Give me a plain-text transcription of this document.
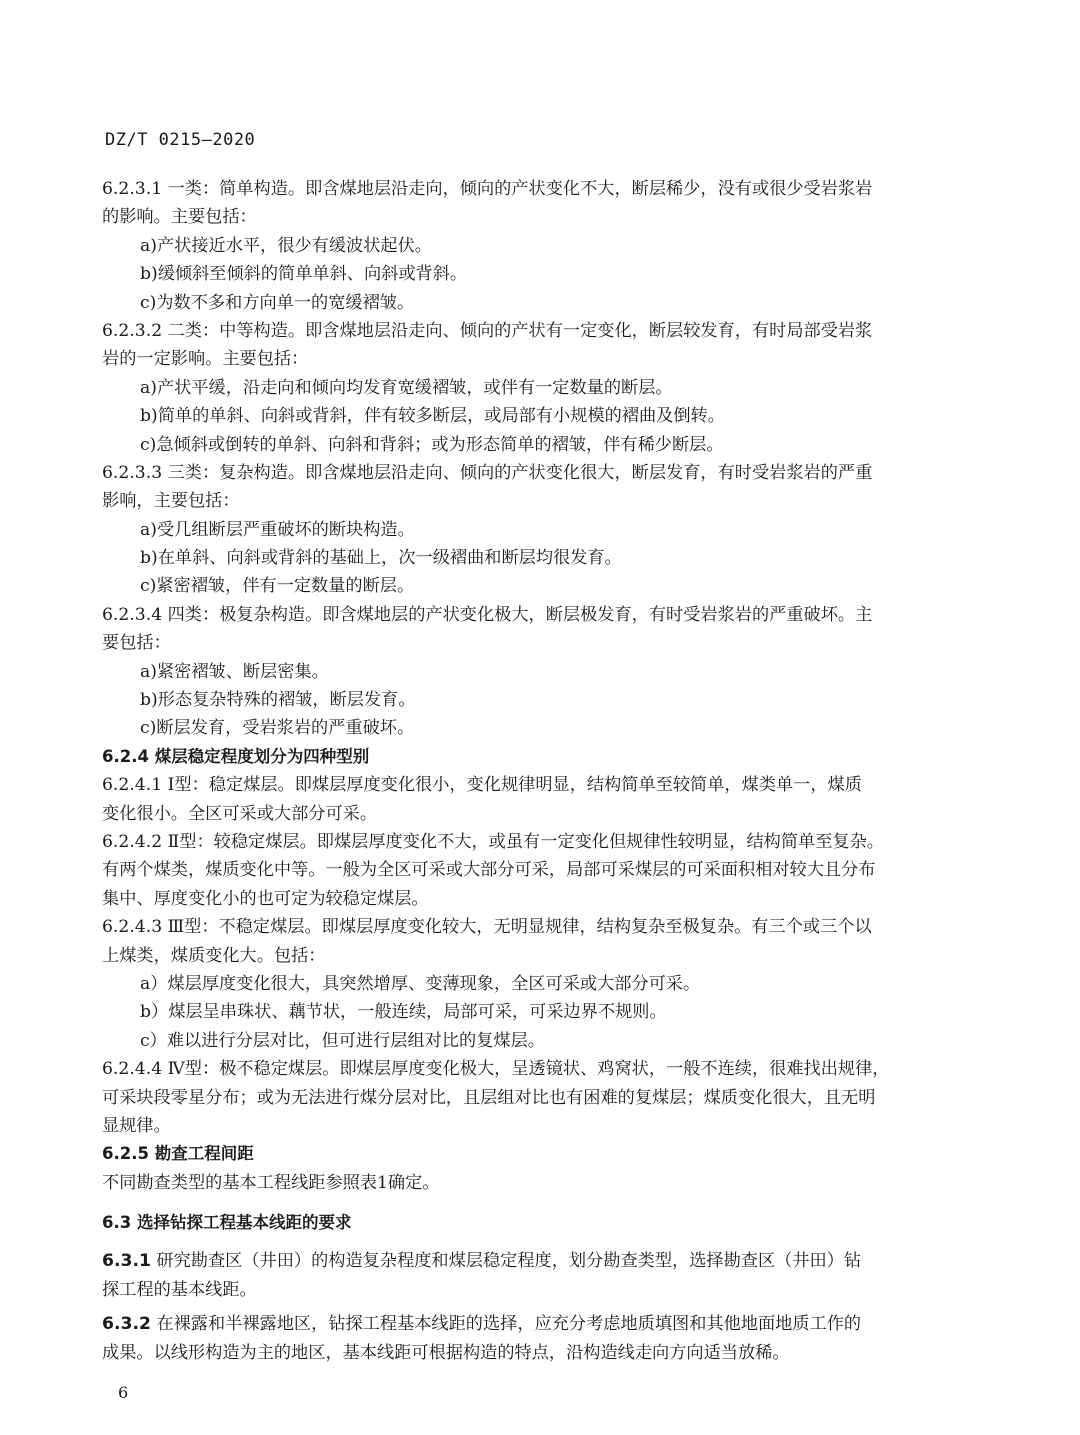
DZ/T 0215—2020
6.2.3.1 一类：简单构造。即含煤地层沿走向，倾向的产状变化不大，断层稀少，没有或很少受岩浆岩
的影响。主要包括：
a)产状接近水平，很少有缓波状起伏。
b)缓倾斜至倾斜的简单单斜、向斜或背斜。
c)为数不多和方向单一的宽缓褶皱。
6.2.3.2 二类：中等构造。即含煤地层沿走向、倾向的产状有一定变化，断层较发育，有时局部受岩浆
岩的一定影响。主要包括：
a)产状平缓，沿走向和倾向均发育宽缓褶皱，或伴有一定数量的断层。
b)简单的单斜、向斜或背斜，伴有较多断层，或局部有小规模的褶曲及倒转。
c)急倾斜或倒转的单斜、向斜和背斜；或为形态简单的褶皱，伴有稀少断层。
6.2.3.3 三类：复杂构造。即含煤地层沿走向、倾向的产状变化很大，断层发育，有时受岩浆岩的严重
影响，主要包括：
a)受几组断层严重破坏的断块构造。
b)在单斜、向斜或背斜的基础上，次一级褶曲和断层均很发育。
c)紧密褶皱，伴有一定数量的断层。
6.2.3.4 四类：极复杂构造。即含煤地层的产状变化极大，断层极发育，有时受岩浆岩的严重破坏。主
要包括：
a)紧密褶皱、断层密集。
b)形态复杂特殊的褶皱，断层发育。
c)断层发育，受岩浆岩的严重破坏。
6.2.4 煤层稳定程度划分为四种型别
6.2.4.1 Ⅰ型：稳定煤层。即煤层厚度变化很小，变化规律明显，结构简单至较简单，煤类单一，煤质
变化很小。全区可采或大部分可采。
6.2.4.2 Ⅱ型：较稳定煤层。即煤层厚度变化不大，或虽有一定变化但规律性较明显，结构简单至复杂。
有两个煤类，煤质变化中等。一般为全区可采或大部分可采，局部可采煤层的可采面积相对较大且分布
集中、厚度变化小的也可定为较稳定煤层。
6.2.4.3 Ⅲ型：不稳定煤层。即煤层厚度变化较大，无明显规律，结构复杂至极复杂。有三个或三个以
上煤类，煤质变化大。包括：
a）煤层厚度变化很大，具突然增厚、变薄现象，全区可采或大部分可采。
b）煤层呈串珠状、藕节状，一般连续，局部可采，可采边界不规则。
c）难以进行分层对比，但可进行层组对比的复煤层。
6.2.4.4 Ⅳ型：极不稳定煤层。即煤层厚度变化极大，呈透镜状、鸡窝状，一般不连续，很难找出规律，
可采块段零星分布；或为无法进行煤分层对比，且层组对比也有困难的复煤层；煤质变化很大，且无明
显规律。
6.2.5 勘查工程间距
不同勘查类型的基本工程线距参照表1确定。
6.3 选择钻探工程基本线距的要求
6.3.1 研究勘查区（井田）的构造复杂程度和煤层稳定程度，划分勘查类型，选择勘查区（井田）钻
探工程的基本线距。
6.3.2 在裸露和半裸露地区，钻探工程基本线距的选择，应充分考虑地质填图和其他地面地质工作的
成果。以线形构造为主的地区，基本线距可根据构造的特点，沿构造线走向方向适当放稀。
6
